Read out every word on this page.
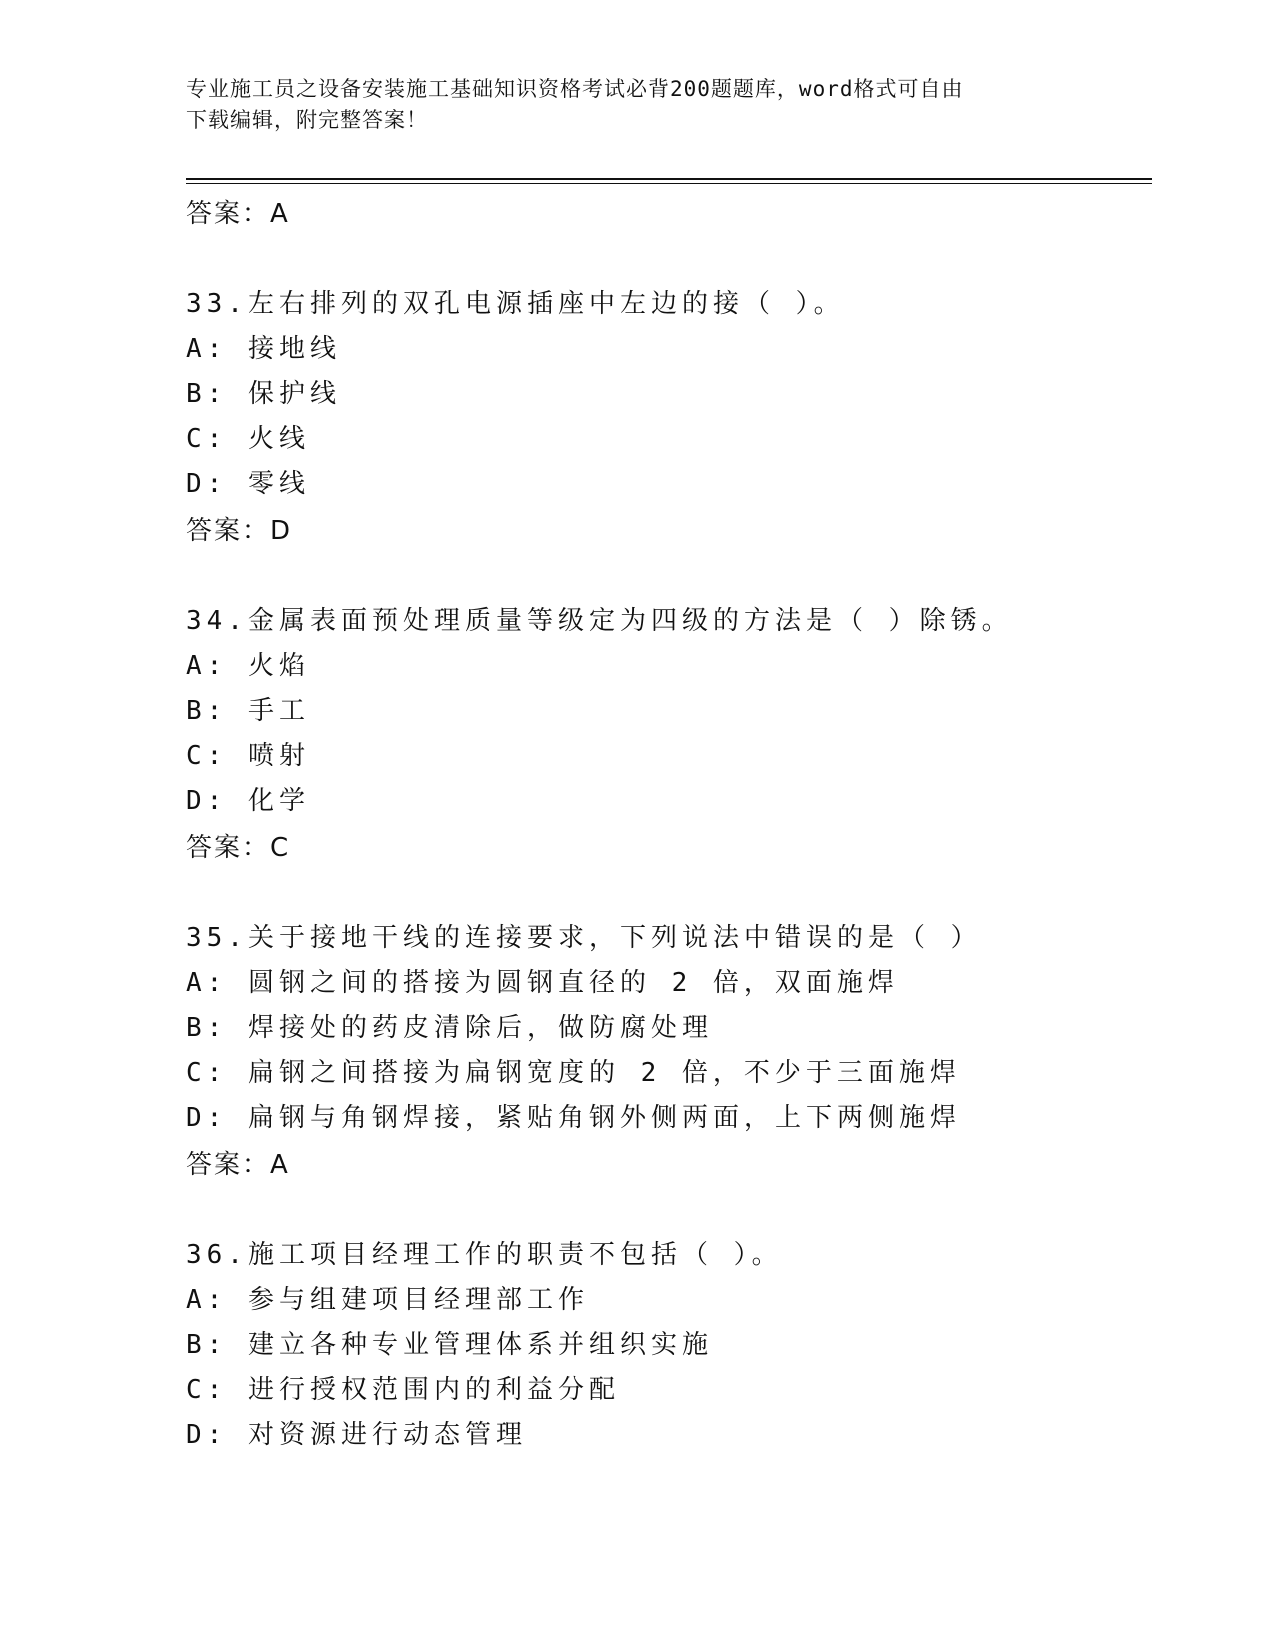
专业施工员之设备安装施工基础知识资格考试必背200题题库，word格式可自由
下载编辑，附完整答案！
答案：A
33.左右排列的双孔电源插座中左边的接（ ）。
A: 接地线
B: 保护线
C: 火线
D: 零线
答案：D
34.金属表面预处理质量等级定为四级的方法是（ ）除锈。
A: 火焰
B: 手工
C: 喷射
D: 化学
答案：C
35.关于接地干线的连接要求，下列说法中错误的是（ ）
A: 圆钢之间的搭接为圆钢直径的 2 倍，双面施焊
B: 焊接处的药皮清除后，做防腐处理
C: 扁钢之间搭接为扁钢宽度的 2 倍，不少于三面施焊
D: 扁钢与角钢焊接，紧贴角钢外侧两面，上下两侧施焊
答案：A
36.施工项目经理工作的职责不包括（ ）。
A: 参与组建项目经理部工作
B: 建立各种专业管理体系并组织实施
C: 进行授权范围内的利益分配
D: 对资源进行动态管理
